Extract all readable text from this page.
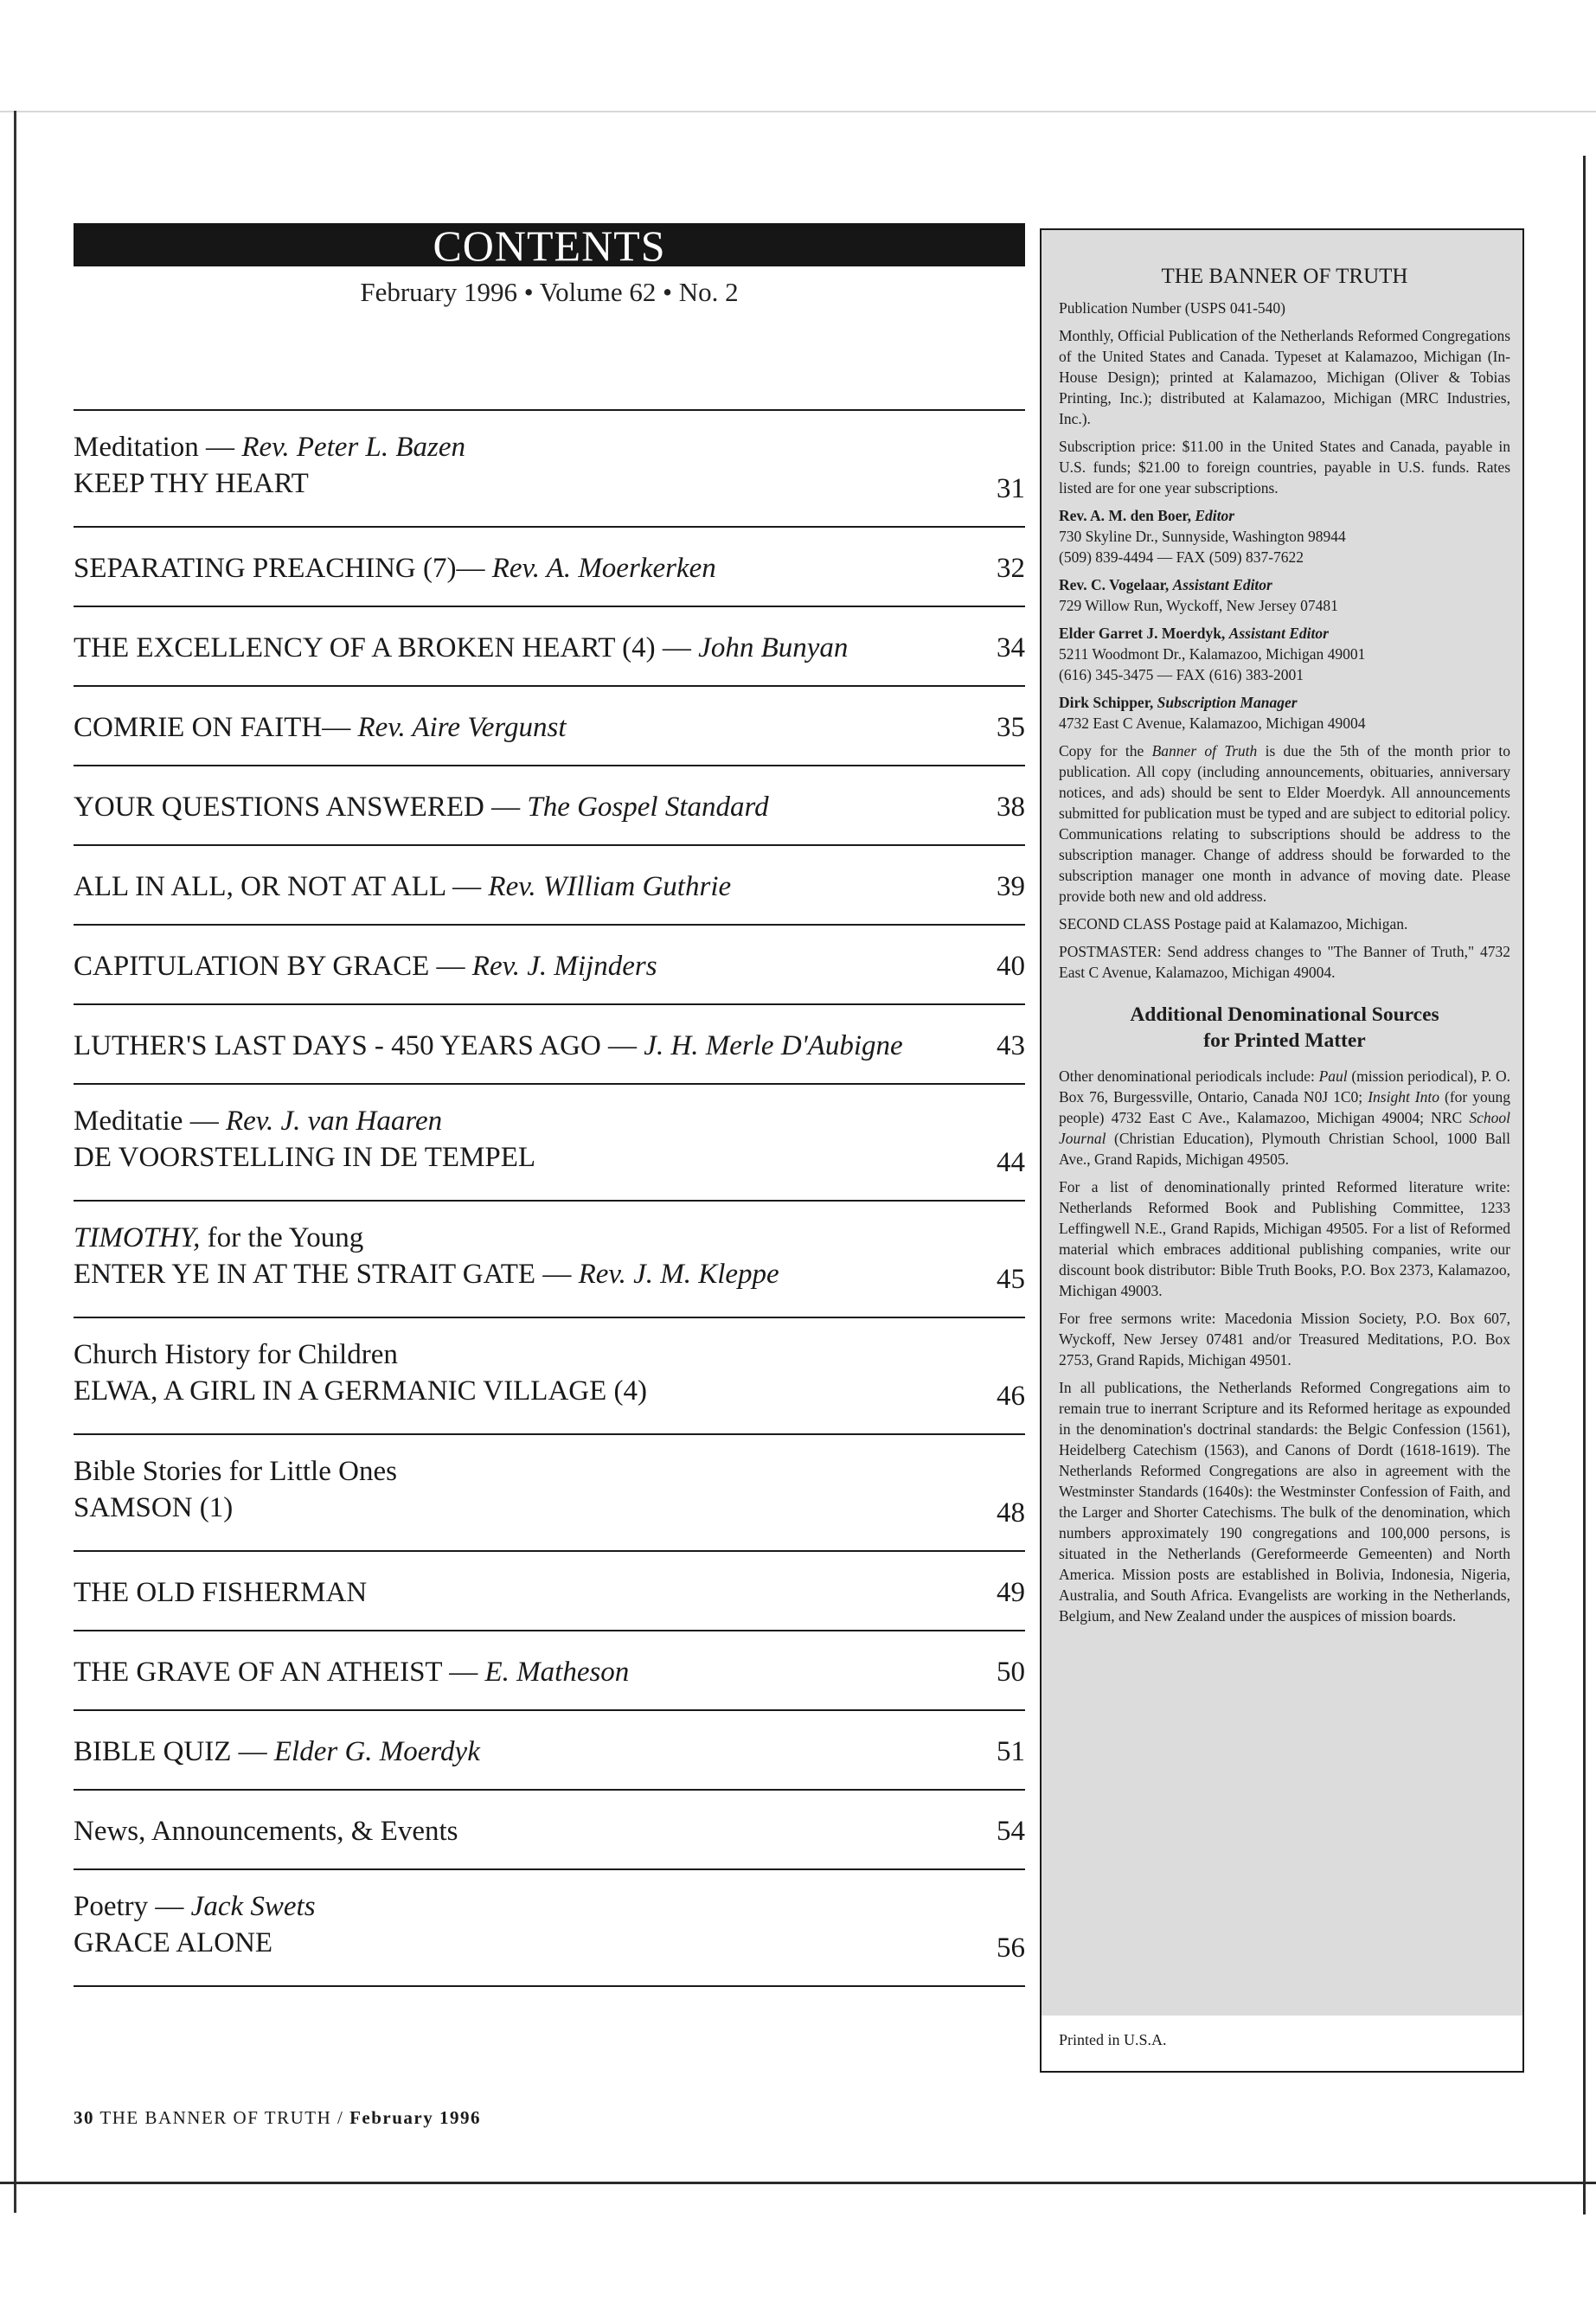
CONTENTS
February 1996 • Volume 62 • No. 2
Meditation — Rev. Peter L. Bazen
KEEP THY HEART	31
SEPARATING PREACHING (7)— Rev. A. Moerkerken	32
THE EXCELLENCY OF A BROKEN HEART (4) — John Bunyan	34
COMRIE ON FAITH— Rev. Aire Vergunst	35
YOUR QUESTIONS ANSWERED — The Gospel Standard	38
ALL IN ALL, OR NOT AT ALL — Rev. WIlliam Guthrie	39
CAPITULATION BY GRACE — Rev. J. Mijnders	40
LUTHER'S LAST DAYS - 450 YEARS AGO — J. H. Merle D'Aubigne	43
Meditatie — Rev. J. van Haaren
DE VOORSTELLING IN DE TEMPEL	44
TIMOTHY, for the Young
ENTER YE IN AT THE STRAIT GATE — Rev. J. M. Kleppe	45
Church History for Children
ELWA, A GIRL IN A GERMANIC VILLAGE (4)	46
Bible Stories for Little Ones
SAMSON (1)	48
THE OLD FISHERMAN	49
THE GRAVE OF AN ATHEIST — E. Matheson	50
BIBLE QUIZ — Elder G. Moerdyk	51
News, Announcements, & Events	54
Poetry — Jack Swets
GRACE ALONE	56
THE BANNER OF TRUTH

Publication Number (USPS 041-540)

Monthly, Official Publication of the Netherlands Reformed Congregations of the United States and Canada. Typeset at Kalamazoo, Michigan (In-House Design); printed at Kalamazoo, Michigan (Oliver & Tobias Printing, Inc.); distributed at Kalamazoo, Michigan (MRC Industries, Inc.).

Subscription price: $11.00 in the United States and Canada, payable in U.S. funds; $21.00 to foreign countries, payable in U.S. funds. Rates listed are for one year subscriptions.

Rev. A. M. den Boer, Editor
730 Skyline Dr., Sunnyside, Washington 98944
(509) 839-4494 — FAX (509) 837-7622
Rev. C. Vogelaar, Assistant Editor
729 Willow Run, Wyckoff, New Jersey 07481
Elder Garret J. Moerdyk, Assistant Editor
5211 Woodmont Dr., Kalamazoo, Michigan 49001
(616) 345-3475 — FAX (616) 383-2001
Dirk Schipper, Subscription Manager
4732 East C Avenue, Kalamazoo, Michigan 49004

Copy for the Banner of Truth is due the 5th of the month prior to publication. All copy (including announcements, obituaries, anniversary notices, and ads) should be sent to Elder Moerdyk. All announcements submitted for publication must be typed and are subject to editorial policy. Communications relating to subscriptions should be address to the subscription manager. Change of address should be forwarded to the subscription manager one month in advance of moving date. Please provide both new and old address.

SECOND CLASS Postage paid at Kalamazoo, Michigan.

POSTMASTER: Send address changes to "The Banner of Truth," 4732 East C Avenue, Kalamazoo, Michigan 49004.

Additional Denominational Sources
for Printed Matter

Other denominational periodicals include: Paul (mission periodical), P. O. Box 76, Burgessville, Ontario, Canada N0J 1C0; Insight Into (for young people) 4732 East C Ave., Kalamazoo, Michigan 49004; NRC School Journal (Christian Education), Plymouth Christian School, 1000 Ball Ave., Grand Rapids, Michigan 49505.

For a list of denominationally printed Reformed literature write: Netherlands Reformed Book and Publishing Committee, 1233 Leffingwell N.E., Grand Rapids, Michigan 49505. For a list of Reformed material which embraces additional publishing companies, write our discount book distributor: Bible Truth Books, P.O. Box 2373, Kalamazoo, Michigan 49003.

For free sermons write: Macedonia Mission Society, P.O. Box 607, Wyckoff, New Jersey 07481 and/or Treasured Meditations, P.O. Box 2753, Grand Rapids, Michigan 49501.

In all publications, the Netherlands Reformed Congregations aim to remain true to inerrant Scripture and its Reformed heritage as expounded in the denomination's doctrinal standards: the Belgic Confession (1561), Heidelberg Catechism (1563), and Canons of Dordt (1618-1619). The Netherlands Reformed Congregations are also in agreement with the Westminster Standards (1640s): the Westminster Confession of Faith, and the Larger and Shorter Catechisms. The bulk of the denomination, which numbers approximately 190 congregations and 100,000 persons, is situated in the Netherlands (Gereformeerde Gemeenten) and North America. Mission posts are established in Bolivia, Indonesia, Nigeria, Australia, and South Africa. Evangelists are working in the Netherlands, Belgium, and New Zealand under the auspices of mission boards.

Printed in U.S.A.
30 THE BANNER OF TRUTH / February 1996
